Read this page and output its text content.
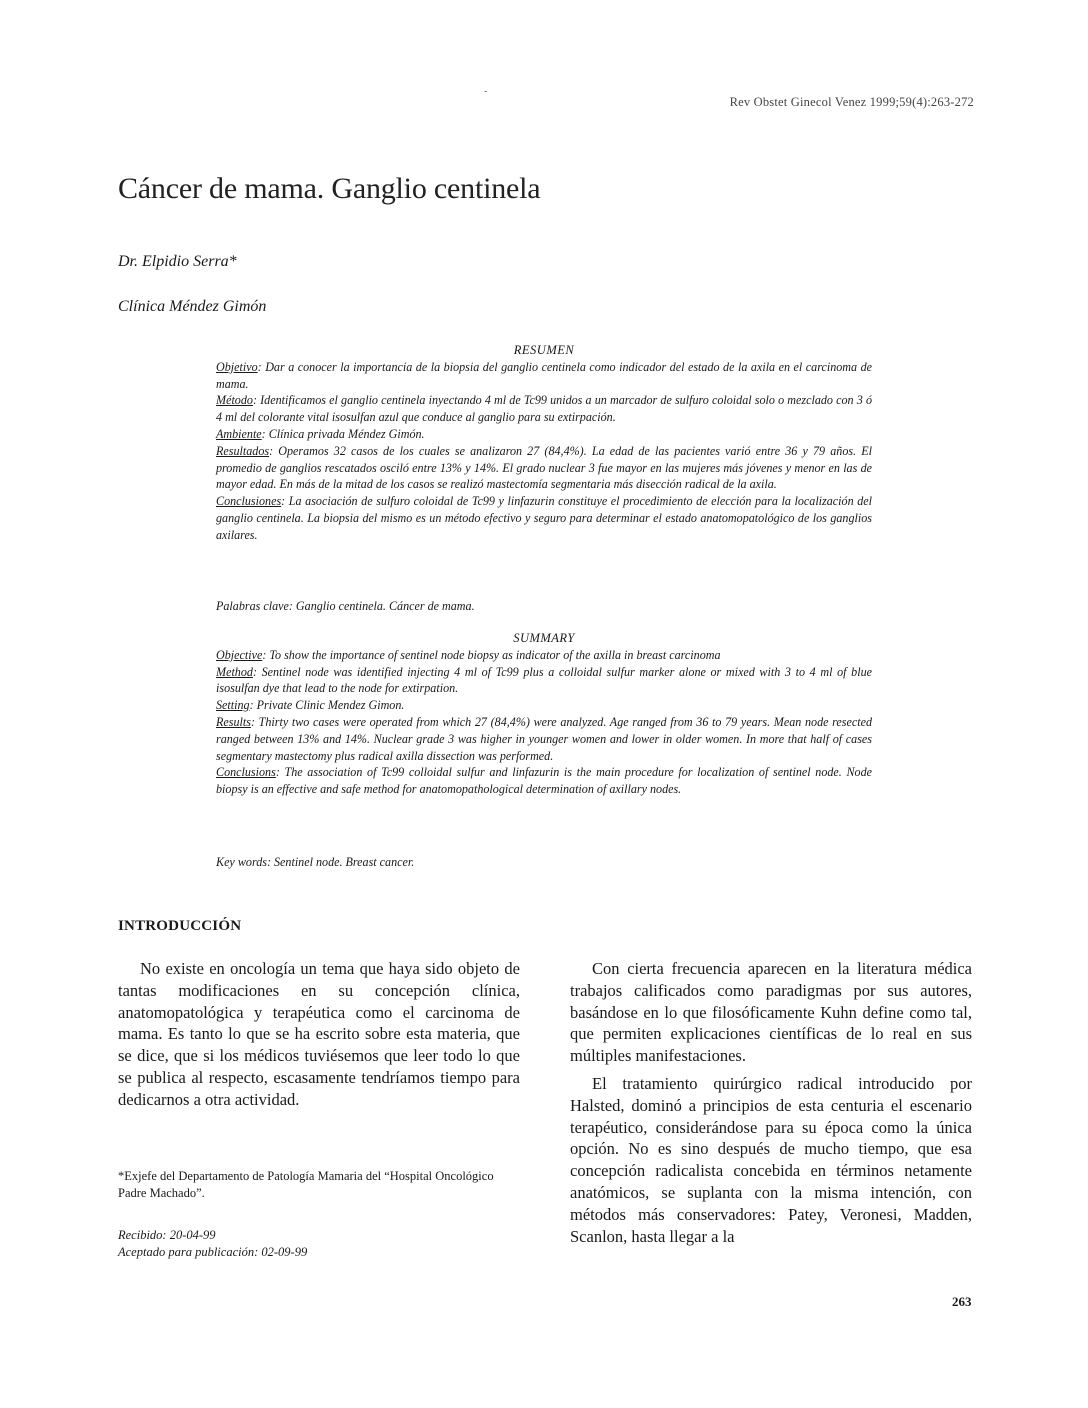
-
Rev Obstet Ginecol Venez 1999;59(4):263-272
Cáncer de mama. Ganglio centinela
Dr. Elpidio Serra*
Clínica Méndez Gimón
RESUMEN

Objetivo: Dar a conocer la importancia de la biopsia del ganglio centinela como indicador del estado de la axila en el carcinoma de mama.

Método: Identificamos el ganglio centinela inyectando 4 ml de Tc99 unidos a un marcador de sulfuro coloidal solo o mezclado con 3 ó 4 ml del colorante vital isosulfan azul que conduce al ganglio para su extirpación.

Ambiente: Clínica privada Méndez Gimón.

Resultados: Operamos 32 casos de los cuales se analizaron 27 (84,4%). La edad de las pacientes varió entre 36 y 79 años. El promedio de ganglios rescatados osciló entre 13% y 14%. El grado nuclear 3 fue mayor en las mujeres más jóvenes y menor en las de mayor edad. En más de la mitad de los casos se realizó mastectomía segmentaria más disección radical de la axila.

Conclusiones: La asociación de sulfuro coloidal de Tc99 y linfazurin constituye el procedimiento de elección para la localización del ganglio centinela. La biopsia del mismo es un método efectivo y seguro para determinar el estado anatomopatológico de los ganglios axilares.

Palabras clave: Ganglio centinela. Cáncer de mama.
SUMMARY

Objective: To show the importance of sentinel node biopsy as indicator of the axilla in breast carcinoma

Method: Sentinel node was identified injecting 4 ml of Tc99 plus a colloidal sulfur marker alone or mixed with 3 to 4 ml of blue isosulfan dye that lead to the node for extirpation.

Setting: Private Clinic Mendez Gimon.

Results: Thirty two cases were operated from which 27 (84,4%) were analyzed. Age ranged from 36 to 79 years. Mean node resected ranged between 13% and 14%. Nuclear grade 3 was higher in younger women and lower in older women. In more that half of cases segmentary mastectomy plus radical axilla dissection was performed.

Conclusions: The association of Tc99 colloidal sulfur and linfazurin is the main procedure for localization of sentinel node. Node biopsy is an effective and safe method for anatomopathological determination of axillary nodes.

Key words: Sentinel node. Breast cancer.
INTRODUCCIÓN

No existe en oncología un tema que haya sido objeto de tantas modificaciones en su concepción clínica, anatomopatológica y terapéutica como el carcinoma de mama. Es tanto lo que se ha escrito sobre esta materia, que se dice, que si los médicos tuviésemos que leer todo lo que se publica al respecto, escasamente tendríamos tiempo para dedicarnos a otra actividad.

Con cierta frecuencia aparecen en la literatura médica trabajos calificados como paradigmas por sus autores, basándose en lo que filosóficamente Kuhn define como tal, que permiten explicaciones científicas de lo real en sus múltiples manifestaciones.

El tratamiento quirúrgico radical introducido por Halsted, dominó a principios de esta centuria el escenario terapéutico, considerándose para su época como la única opción. No es sino después de mucho tiempo, que esa concepción radicalista concebida en términos netamente anatómicos, se suplanta con la misma intención, con métodos más conservadores: Patey, Veronesi, Madden, Scanlon, hasta llegar a la

*Exjefe del Departamento de Patología Mamaria del “Hospital Oncológico Padre Machado”.
Recibido: 20-04-99
Aceptado para publicación: 02-09-99
263
